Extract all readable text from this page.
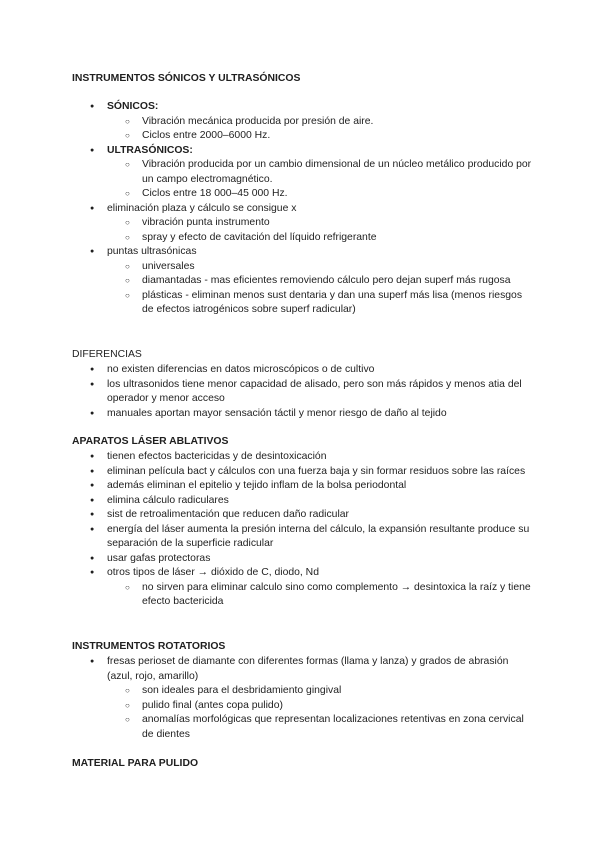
INSTRUMENTOS SÓNICOS Y ULTRASÓNICOS

● SÓNICOS:
○ Vibración mecánica producida por presión de aire.
○ Ciclos entre 2000–6000 Hz.
● ULTRASÓNICOS:
○ Vibración producida por un cambio dimensional de un núcleo metálico producido por un campo electromagnético.
○ Ciclos entre 18 000–45 000 Hz.
● eliminación plaza y cálculo se consigue x
○ vibración punta instrumento
○ spray y efecto de cavitación del líquido refrigerante
● puntas ultrasónicas
○ universales
○ diamantadas - mas eficientes removiendo cálculo pero dejan superf más rugosa
○ plásticas - eliminan menos sust dentaria y dan una superf más lisa (menos riesgos de efectos iatrogénicos sobre superf radicular)

DIFERENCIAS

● no existen diferencias en datos microscópicos o de cultivo
● los ultrasonidos tiene menor capacidad de alisado, pero son más rápidos y menos atia del operador y menor acceso
● manuales aportan mayor sensación táctil y menor riesgo de daño al tejido

APARATOS LÁSER ABLATIVOS

● tienen efectos bactericidas y de desintoxicación
● eliminan película bact y cálculos con una fuerza baja y sin formar residuos sobre las raíces
● además eliminan el epitelio y tejido inflam de la bolsa periodontal
● elimina cálculo radiculares
● sist de retroalimentación que reducen daño radicular
● energía del láser aumenta la presión interna del cálculo, la expansión resultante produce su separación de la superficie radicular
● usar gafas protectoras
● otros tipos de láser → dióxido de C, diodo, Nd
○ no sirven para eliminar calculo sino como complemento → desintoxica la raíz y tiene efecto bactericida

INSTRUMENTOS ROTATORIOS

● fresas perioset de diamante con diferentes formas (llama y lanza) y grados de abrasión (azul, rojo, amarillo)
○ son ideales para el desbridamiento gingival
○ pulido final (antes copa pulido)
○ anomalías morfológicas que representan localizaciones retentivas en zona cervical de dientes

MATERIAL PARA PULIDO
